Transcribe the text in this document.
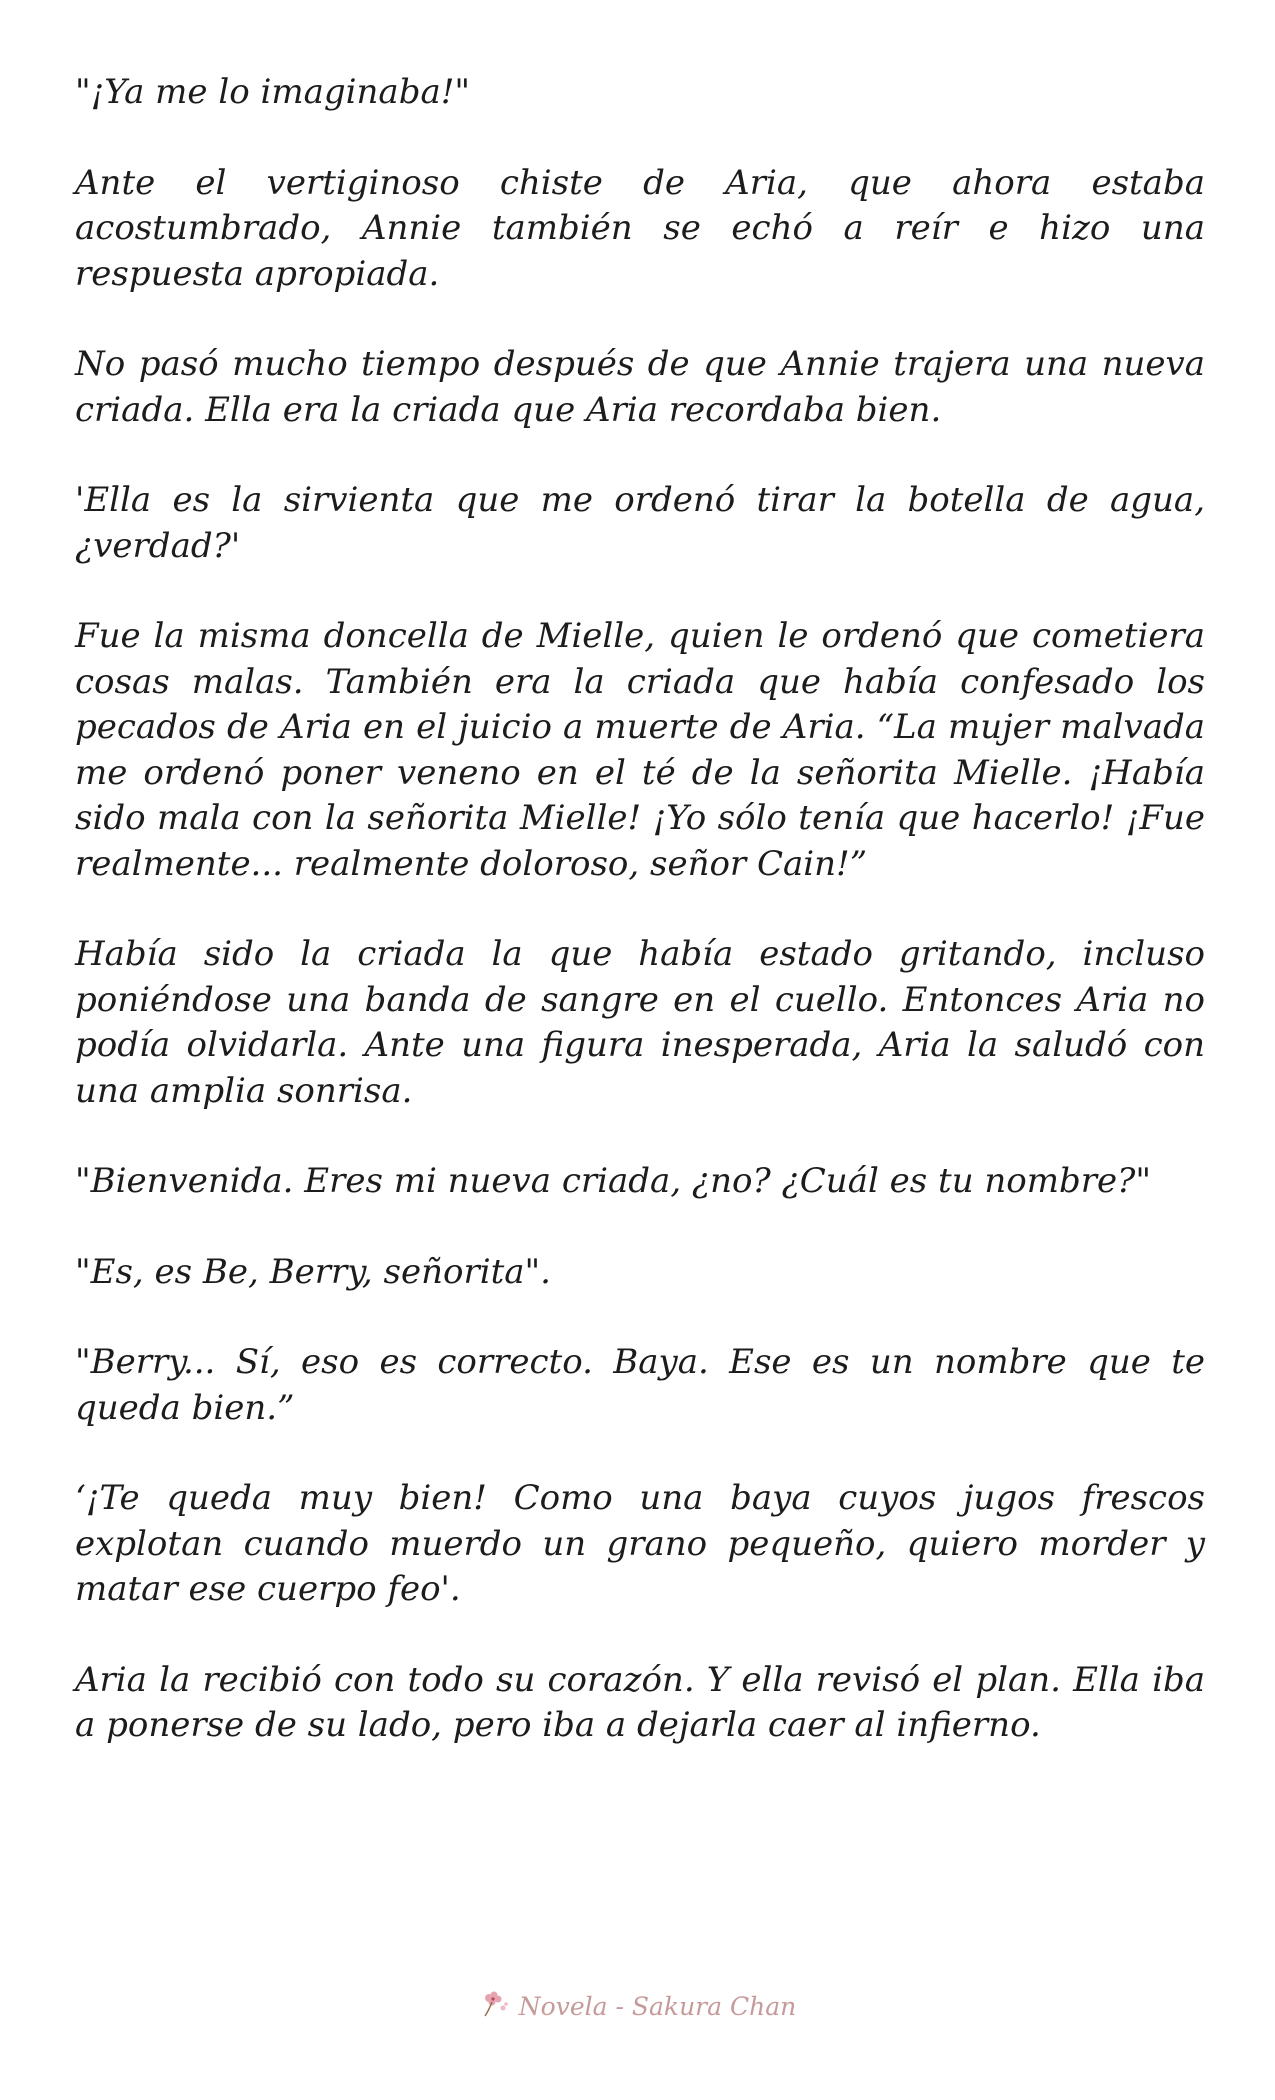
"¡Ya me lo imaginaba!"

Ante el vertiginoso chiste de Aria, que ahora estaba acostumbrado, Annie también se echó a reír e hizo una respuesta apropiada.

No pasó mucho tiempo después de que Annie trajera una nueva criada. Ella era la criada que Aria recordaba bien.

'Ella es la sirvienta que me ordenó tirar la botella de agua, ¿verdad?'

Fue la misma doncella de Mielle, quien le ordenó que cometiera cosas malas. También era la criada que había confesado los pecados de Aria en el juicio a muerte de Aria. “La mujer malvada me ordenó poner veneno en el té de la señorita Mielle. ¡Había sido mala con la señorita Mielle! ¡Yo sólo tenía que hacerlo! ¡Fue realmente... realmente doloroso, señor Cain!”

Había sido la criada la que había estado gritando, incluso poniéndose una banda de sangre en el cuello. Entonces Aria no podía olvidarla. Ante una figura inesperada, Aria la saludó con una amplia sonrisa.

"Bienvenida. Eres mi nueva criada, ¿no? ¿Cuál es tu nombre?"

"Es, es Be, Berry, señorita".

"Berry... Sí, eso es correcto. Baya. Ese es un nombre que te queda bien.”

‘¡Te queda muy bien! Como una baya cuyos jugos frescos explotan cuando muerdo un grano pequeño, quiero morder y matar ese cuerpo feo'.

Aria la recibió con todo su corazón. Y ella revisó el plan. Ella iba a ponerse de su lado, pero iba a dejarla caer al infierno.

Novela - Sakura Chan
